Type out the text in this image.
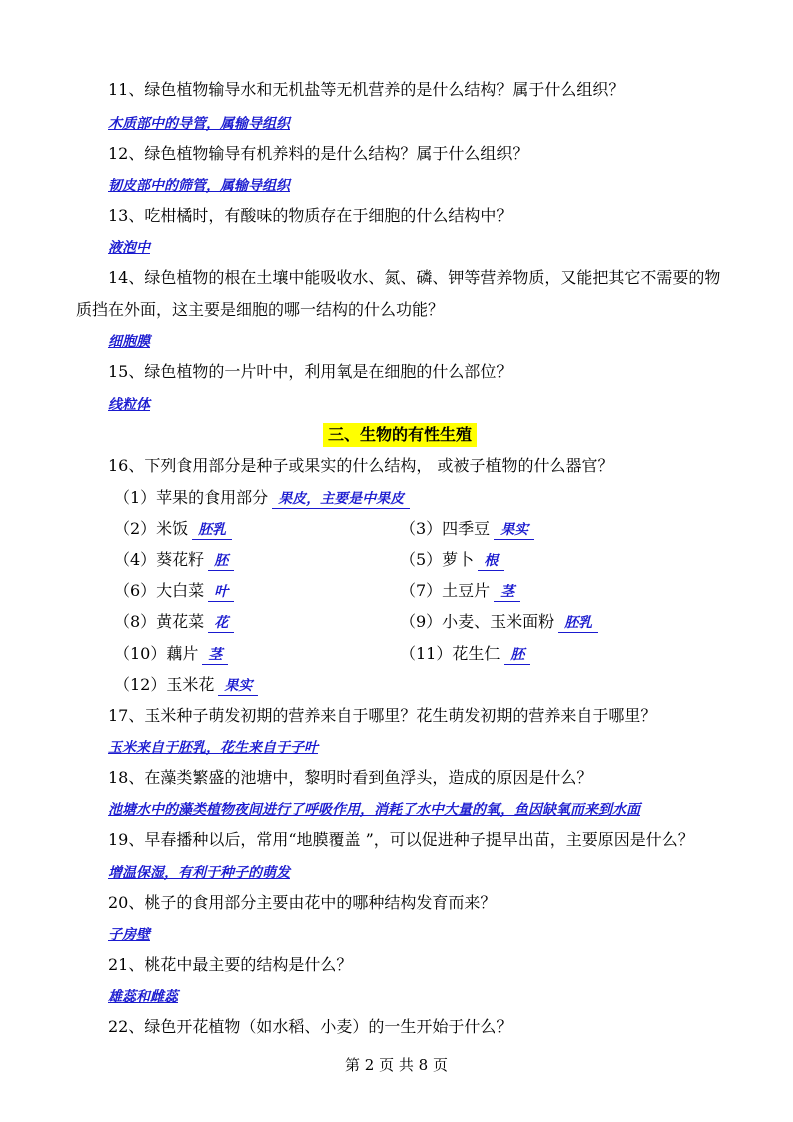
11、绿色植物输导水和无机盐等无机营养的是什么结构？属于什么组织？
木质部中的导管，属输导组织
12、绿色植物输导有机养料的是什么结构？属于什么组织？
韧皮部中的筛管，属输导组织
13、吃柑橘时，有酸味的物质存在于细胞的什么结构中？
液泡中
14、绿色植物的根在土壤中能吸收水、氮、磷、钾等营养物质，又能把其它不需要的物
质挡在外面，这主要是细胞的哪一结构的什么功能？
细胞膜
15、绿色植物的一片叶中，利用氧是在细胞的什么部位？
线粒体
三、生物的有性生殖
16、下列食用部分是种子或果实的什么结构， 或被子植物的什么器官？
（1）苹果的食用部分 果皮，主要是中果皮
（2）米饭 胚乳	（3）四季豆 果实
（4）葵花籽 胚	（5）萝卜 根
（6）大白菜 叶	（7）土豆片 茎
（8）黄花菜 花	（9）小麦、玉米面粉 胚乳
（10）藕片 茎	（11）花生仁 胚
（12）玉米花 果实
17、玉米种子萌发初期的营养来自于哪里？花生萌发初期的营养来自于哪里？
玉米来自于胚乳，花生来自于子叶
18、在藻类繁盛的池塘中，黎明时看到鱼浮头，造成的原因是什么？
池塘水中的藻类植物夜间进行了呼吸作用，消耗了水中大量的氧，鱼因缺氧而来到水面
19、早春播种以后，常用“地膜覆盖 ”，可以促进种子提早出苗，主要原因是什么？
增温保湿，有利于种子的萌发
20、桃子的食用部分主要由花中的哪种结构发育而来？
子房壁
21、桃花中最主要的结构是什么？
雄蕊和雌蕊
22、绿色开花植物（如水稻、小麦）的一生开始于什么？
第 2 页 共 8 页
